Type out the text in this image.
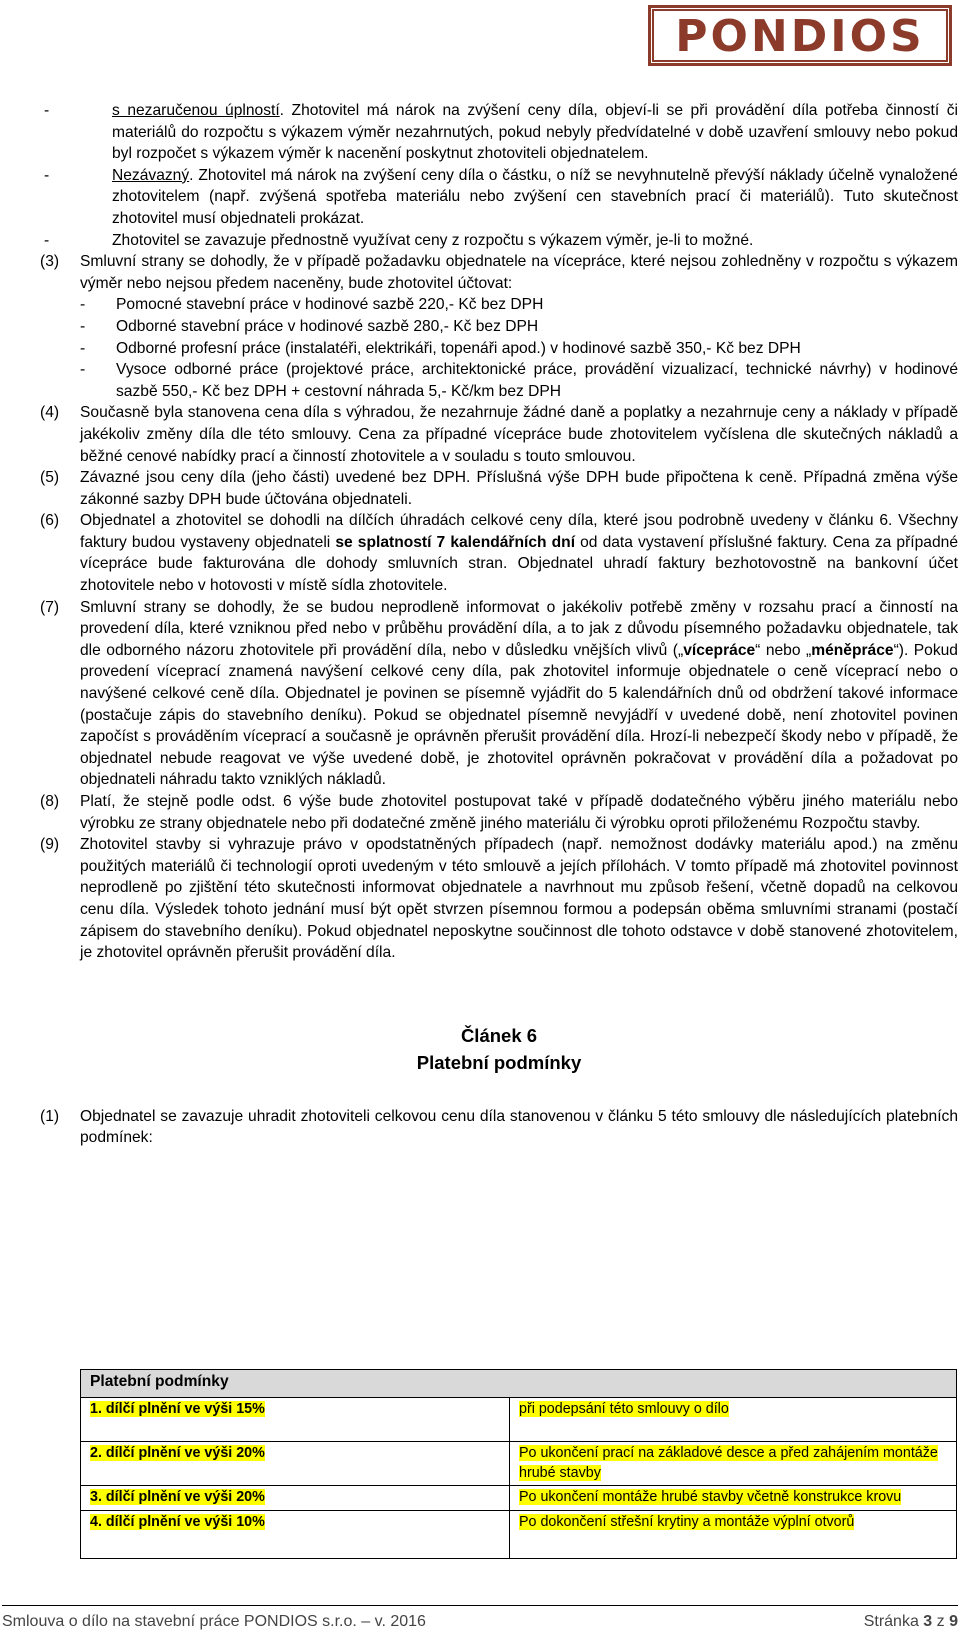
PONDIOS
-	s nezaručenou úplností. Zhotovitel má nárok na zvýšení ceny díla, objeví-li se při provádění díla potřeba činností či materiálů do rozpočtu s výkazem výměr nezahrnutých, pokud nebyly předvídatelné v době uzavření smlouvy nebo pokud byl rozpočet s výkazem výměr k nacenění poskytnut zhotoviteli objednatelem.
-	Nezávazný. Zhotovitel má nárok na zvýšení ceny díla o částku, o níž se nevyhnutelně převýší náklady účelně vynaložené zhotovitelem (např. zvýšená spotřeba materiálu nebo zvýšení cen stavebních prací či materiálů). Tuto skutečnost zhotovitel musí objednateli prokázat.
-	Zhotovitel se zavazuje přednostně využívat ceny z rozpočtu s výkazem výměr, je-li to možné.
(3) Smluvní strany se dohodly, že v případě požadavku objednatele na vícepráce, které nejsou zohledněny v rozpočtu s výkazem výměr nebo nejsou předem naceněny, bude zhotovitel účtovat:
-	Pomocné stavební práce v hodinové sazbě 220,- Kč bez DPH
-	Odborné stavební práce v hodinové sazbě 280,- Kč bez DPH
-	Odborné profesní práce (instalatéři, elektrikáři, topenáři apod.) v hodinové sazbě 350,- Kč bez DPH
-	Vysoce odborné práce (projektové práce, architektonické práce, provádění vizualizací, technické návrhy) v hodinové sazbě 550,- Kč bez DPH + cestovní náhrada 5,- Kč/km bez DPH
(4) Současně byla stanovena cena díla s výhradou, že nezahrnuje žádné daně a poplatky a nezahrnuje ceny a náklady v případě jakékoliv změny díla dle této smlouvy. Cena za případné vícepráce bude zhotovitelem vyčíslena dle skutečných nákladů a běžné cenové nabídky prací a činností zhotovitele a v souladu s touto smlouvou.
(5) Závazné jsou ceny díla (jeho části) uvedené bez DPH. Příslušná výše DPH bude připočtena k ceně. Případná změna výše zákonné sazby DPH bude účtována objednateli.
(6) Objednatel a zhotovitel se dohodli na dílčích úhradách celkové ceny díla, které jsou podrobně uvedeny v článku 6. Všechny faktury budou vystaveny objednateli se splatností 7 kalendářních dní od data vystavení příslušné faktury. Cena za případné vícepráce bude fakturována dle dohody smluvních stran. Objednatel uhradí faktury bezhotovostně na bankovní účet zhotovitele nebo v hotovosti v místě sídla zhotovitele.
(7) Smluvní strany se dohodly, že se budou neprodleně informovat o jakékoliv potřebě změny v rozsahu prací a činností na provedení díla, které vzniknou před nebo v průběhu provádění díla, a to jak z důvodu písemného požadavku objednatele, tak dle odborného názoru zhotovitele při provádění díla, nebo v důsledku vnějších vlivů („vícepráce“ nebo „méněpráce“). Pokud provedení víceprací znamená navýšení celkové ceny díla, pak zhotovitel informuje objednatele o ceně víceprací nebo o navýšené celkové ceně díla. Objednatel je povinen se písemně vyjádřit do 5 kalendářních dnů od obdržení takové informace (postačuje zápis do stavebního deníku). Pokud se objednatel písemně nevyjádří v uvedené době, není zhotovitel povinen započíst s prováděním víceprací a současně je oprávněn přerušit provádění díla. Hrozí-li nebezpečí škody nebo v případě, že objednatel nebude reagovat ve výše uvedené době, je zhotovitel oprávněn pokračovat v provádění díla a požadovat po objednateli náhradu takto vzniklých nákladů.
(8) Platí, že stejně podle odst. 6 výše bude zhotovitel postupovat také v případě dodatečného výběru jiného materiálu nebo výrobku ze strany objednatele nebo při dodatečné změně jiného materiálu či výrobku oproti přiloženému Rozpočtu stavby.
(9) Zhotovitel stavby si vyhrazuje právo v opodstatněných případech (např. nemožnost dodávky materiálu apod.) na změnu použitých materiálů či technologií oproti uvedeným v této smlouvě a jejích přílohách. V tomto případě má zhotovitel povinnost neprodleně po zjištění této skutečnosti informovat objednatele a navrhnout mu způsob řešení, včetně dopadů na celkovou cenu díla. Výsledek tohoto jednání musí být opět stvrzen písemnou formou a podepsán oběma smluvními stranami (postačí zápisem do stavebního deníku). Pokud objednatel neposkytne součinnost dle tohoto odstavce v době stanovené zhotovitelem, je zhotovitel oprávněn přerušit provádění díla.
Článek 6
Platební podmínky
(1) Objednatel se zavazuje uhradit zhotoviteli celkovou cenu díla stanovenou v článku 5 této smlouvy dle následujících platebních podmínek:
Platební podmínky	
1. dílčí plnění ve výši 15%	při podepsání této smlouvy o dílo
2. dílčí plnění ve výši 20%	Po ukončení prací na základové desce a před zahájením montáže hrubé stavby
3. dílčí plnění ve výši 20%	Po ukončení montáže hrubé stavby včetně konstrukce krovu
4. dílčí plnění ve výši 10%	Po dokončení střešní krytiny a montáže výplní otvorů
Smlouva o dílo na stavební práce PONDIOS s.r.o. – v. 2016	Stránka 3 z 9
